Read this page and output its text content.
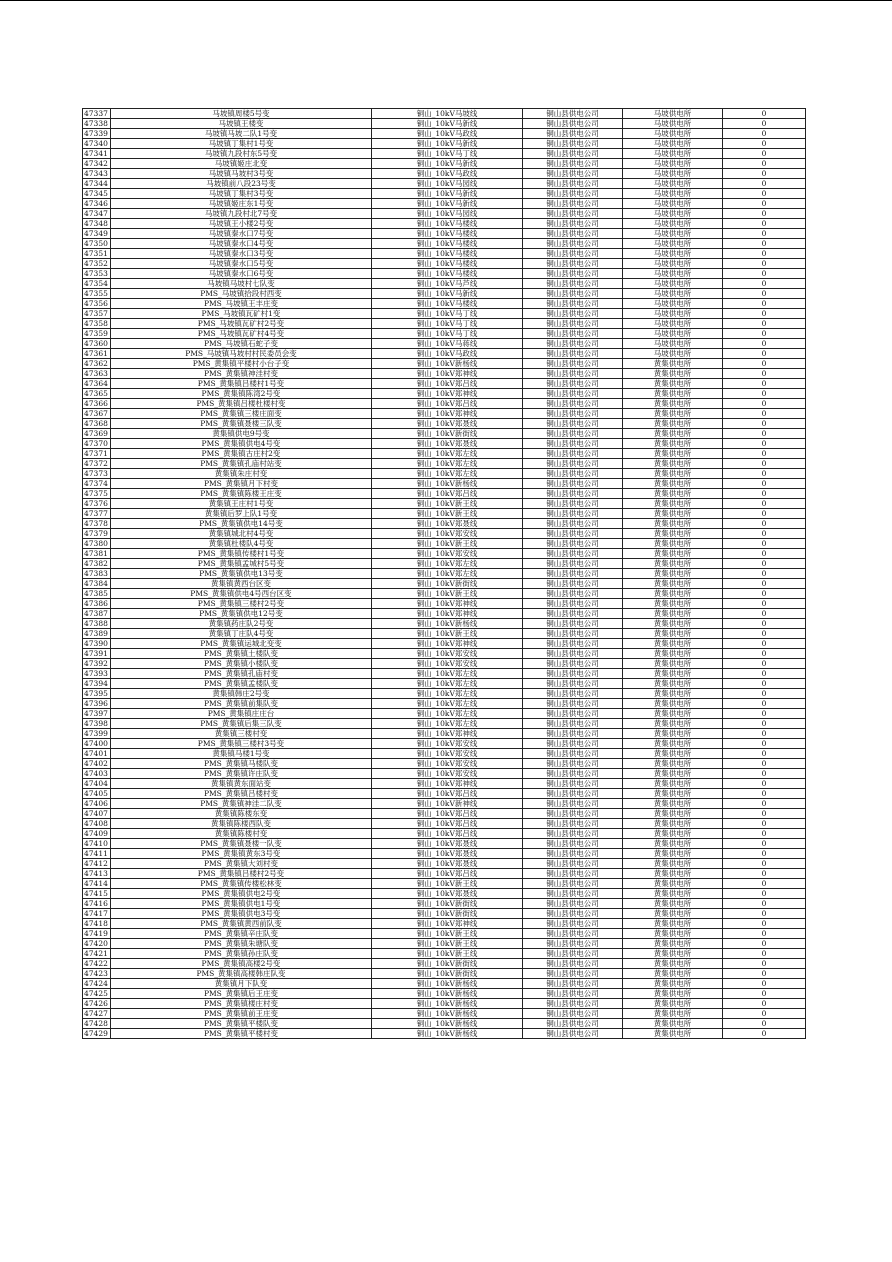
47337	马坡镇周楼5号变	铜山_10kV马坡线	铜山县供电公司	马坡供电所	0
47338	马坡镇王楼变	铜山_10kV马新线	铜山县供电公司	马坡供电所	0
47339	马坡镇马坡二队1号变	铜山_10kV马政线	铜山县供电公司	马坡供电所	0
47340	马坡镇丁集村1号变	铜山_10kV马新线	铜山县供电公司	马坡供电所	0
47341	马坡镇九段村东5号变	铜山_10kV马丁线	铜山县供电公司	马坡供电所	0
47342	马坡镇姬庄北变	铜山_10kV马新线	铜山县供电公司	马坡供电所	0
47343	马坡镇马坡村3号变	铜山_10kV马政线	铜山县供电公司	马坡供电所	0
47344	马坡镇前八段23号变	铜山_10kV马园线	铜山县供电公司	马坡供电所	0
47345	马坡镇丁集村3号变	铜山_10kV马新线	铜山县供电公司	马坡供电所	0
47346	马坡镇姬庄东1号变	铜山_10kV马新线	铜山县供电公司	马坡供电所	0
47347	马坡镇九段村北7号变	铜山_10kV马园线	铜山县供电公司	马坡供电所	0
47348	马坡镇王小楼2号变	铜山_10kV马楼线	铜山县供电公司	马坡供电所	0
47349	马坡镇秦水口7号变	铜山_10kV马楼线	铜山县供电公司	马坡供电所	0
47350	马坡镇秦水口4号变	铜山_10kV马楼线	铜山县供电公司	马坡供电所	0
47351	马坡镇秦水口3号变	铜山_10kV马楼线	铜山县供电公司	马坡供电所	0
47352	马坡镇秦水口5号变	铜山_10kV马楼线	铜山县供电公司	马坡供电所	0
47353	马坡镇秦水口6号变	铜山_10kV马楼线	铜山县供电公司	马坡供电所	0
47354	马坡镇马坡村七队变	铜山_10kV马芦线	铜山县供电公司	马坡供电所	0
47355	PMS_马坡镇拾段村西变	铜山_10kV马新线	铜山县供电公司	马坡供电所	0
47356	PMS_马坡镇王丰庄变	铜山_10kV马楼线	铜山县供电公司	马坡供电所	0
47357	PMS_马坡镇瓦矿村1变	铜山_10kV马丁线	铜山县供电公司	马坡供电所	0
47358	PMS_马坡镇瓦矿村2号变	铜山_10kV马丁线	铜山县供电公司	马坡供电所	0
47359	PMS_马坡镇瓦矿村4号变	铜山_10kV马丁线	铜山县供电公司	马坡供电所	0
47360	PMS_马坡镇石蛇子变	铜山_10kV马蒋线	铜山县供电公司	马坡供电所	0
47361	PMS_马坡镇马坡村村民委员会变	铜山_10kV马政线	铜山县供电公司	马坡供电所	0
47362	PMS_黄集镇平楼村小台子变	铜山_10kV新杨线	铜山县供电公司	黄集供电所	0
47363	PMS_黄集镇神洼村变	铜山_10kV郑神线	铜山县供电公司	黄集供电所	0
47364	PMS_黄集镇吕楼村1号变	铜山_10kV郑吕线	铜山县供电公司	黄集供电所	0
47365	PMS_黄集镇陈湾2号变	铜山_10kV郑神线	铜山县供电公司	黄集供电所	0
47366	PMS_黄集镇吕楼杜楼村变	铜山_10kV郑吕线	铜山县供电公司	黄集供电所	0
47367	PMS_黄集镇三楼庄面变	铜山_10kV郑神线	铜山县供电公司	黄集供电所	0
47368	PMS_黄集镇聂楼三队变	铜山_10kV郑聂线	铜山县供电公司	黄集供电所	0
47369	黄集镇供电9号变	铜山_10kV新街线	铜山县供电公司	黄集供电所	0
47370	PMS_黄集镇供电4号变	铜山_10kV郑聂线	铜山县供电公司	黄集供电所	0
47371	PMS_黄集镇古庄村2变	铜山_10kV郑左线	铜山县供电公司	黄集供电所	0
47372	PMS_黄集镇孔庙村站变	铜山_10kV郑左线	铜山县供电公司	黄集供电所	0
47373	黄集镇朱庄村变	铜山_10kV郑左线	铜山县供电公司	黄集供电所	0
47374	PMS_黄集镇月下村变	铜山_10kV新杨线	铜山县供电公司	黄集供电所	0
47375	PMS_黄集镇陈楼王庄变	铜山_10kV郑吕线	铜山县供电公司	黄集供电所	0
47376	黄集镇王庄村1号变	铜山_10kV新王线	铜山县供电公司	黄集供电所	0
47377	黄集镇后罗上队1号变	铜山_10kV新王线	铜山县供电公司	黄集供电所	0
47378	PMS_黄集镇供电14号变	铜山_10kV郑聂线	铜山县供电公司	黄集供电所	0
47379	黄集镇城北村4号变	铜山_10kV郑安线	铜山县供电公司	黄集供电所	0
47380	黄集镇杜楼队4号变	铜山_10kV新王线	铜山县供电公司	黄集供电所	0
47381	PMS_黄集镇传楼村1号变	铜山_10kV郑安线	铜山县供电公司	黄集供电所	0
47382	PMS_黄集镇孟城村5号变	铜山_10kV郑左线	铜山县供电公司	黄集供电所	0
47383	PMS_黄集镇供电13号变	铜山_10kV郑左线	铜山县供电公司	黄集供电所	0
47384	黄集镇黄西台区变	铜山_10kV新街线	铜山县供电公司	黄集供电所	0
47385	PMS_黄集镇供电4号西台区变	铜山_10kV新王线	铜山县供电公司	黄集供电所	0
47386	PMS_黄集镇三楼村2号变	铜山_10kV郑神线	铜山县供电公司	黄集供电所	0
47387	PMS_黄集镇供电12号变	铜山_10kV郑神线	铜山县供电公司	黄集供电所	0
47388	黄集镇药庄队2号变	铜山_10kV新杨线	铜山县供电公司	黄集供电所	0
47389	黄集镇丁庄队4号变	铜山_10kV新王线	铜山县供电公司	黄集供电所	0
47390	PMS_黄集镇运城北变变	铜山_10kV郑神线	铜山县供电公司	黄集供电所	0
47391	PMS_黄集镇土楼队变	铜山_10kV郑安线	铜山县供电公司	黄集供电所	0
47392	PMS_黄集镇小楼队变	铜山_10kV郑安线	铜山县供电公司	黄集供电所	0
47393	PMS_黄集镇孔庙村变	铜山_10kV郑左线	铜山县供电公司	黄集供电所	0
47394	PMS_黄集镇孟楼队变	铜山_10kV郑左线	铜山县供电公司	黄集供电所	0
47395	黄集镇韩庄2号变	铜山_10kV郑左线	铜山县供电公司	黄集供电所	0
47396	PMS_黄集镇前集队变	铜山_10kV郑左线	铜山县供电公司	黄集供电所	0
47397	PMS_黄集镇庄庄台	铜山_10kV郑左线	铜山县供电公司	黄集供电所	0
47398	PMS_黄集镇后集三队变	铜山_10kV郑左线	铜山县供电公司	黄集供电所	0
47399	黄集镇三楼村变	铜山_10kV郑神线	铜山县供电公司	黄集供电所	0
47400	PMS_黄集镇三楼村3号变	铜山_10kV郑安线	铜山县供电公司	黄集供电所	0
47401	黄集镇马楼1号变	铜山_10kV郑安线	铜山县供电公司	黄集供电所	0
47402	PMS_黄集镇马楼队变	铜山_10kV郑安线	铜山县供电公司	黄集供电所	0
47403	PMS_黄集镇许庄队变	铜山_10kV郑安线	铜山县供电公司	黄集供电所	0
47404	黄集镇黄东面站变	铜山_10kV郑神线	铜山县供电公司	黄集供电所	0
47405	PMS_黄集镇吕楼村变	铜山_10kV郑吕线	铜山县供电公司	黄集供电所	0
47406	PMS_黄集镇神洼二队变	铜山_10kV新神线	铜山县供电公司	黄集供电所	0
47407	黄集镇陈楼东变	铜山_10kV郑吕线	铜山县供电公司	黄集供电所	0
47408	黄集镇陈楼西队变	铜山_10kV郑吕线	铜山县供电公司	黄集供电所	0
47409	黄集镇陈楼村变	铜山_10kV郑吕线	铜山县供电公司	黄集供电所	0
47410	PMS_黄集镇聂楼一队变	铜山_10kV郑聂线	铜山县供电公司	黄集供电所	0
47411	PMS_黄集镇黄东3号变	铜山_10kV郑聂线	铜山县供电公司	黄集供电所	0
47412	PMS_黄集镇大刘村变	铜山_10kV郑聂线	铜山县供电公司	黄集供电所	0
47413	PMS_黄集镇吕楼村2号变	铜山_10kV郑吕线	铜山县供电公司	黄集供电所	0
47414	PMS_黄集镇传楼松林变	铜山_10kV新王线	铜山县供电公司	黄集供电所	0
47415	PMS_黄集镇供电2号变	铜山_10kV郑聂线	铜山县供电公司	黄集供电所	0
47416	PMS_黄集镇供电1号变	铜山_10kV新街线	铜山县供电公司	黄集供电所	0
47417	PMS_黄集镇供电3号变	铜山_10kV新街线	铜山县供电公司	黄集供电所	0
47418	PMS_黄集镇黄西前队变	铜山_10kV郑神线	铜山县供电公司	黄集供电所	0
47419	PMS_黄集镇辛庄队变	铜山_10kV新王线	铜山县供电公司	黄集供电所	0
47420	PMS_黄集镇朱塘队变	铜山_10kV新王线	铜山县供电公司	黄集供电所	0
47421	PMS_黄集镇孙庄队变	铜山_10kV新王线	铜山县供电公司	黄集供电所	0
47422	PMS_黄集镇高楼2号变	铜山_10kV新街线	铜山县供电公司	黄集供电所	0
47423	PMS_黄集镇高楼韩庄队变	铜山_10kV新街线	铜山县供电公司	黄集供电所	0
47424	黄集镇月下队变	铜山_10kV新杨线	铜山县供电公司	黄集供电所	0
47425	PMS_黄集镇后王庄变	铜山_10kV新杨线	铜山县供电公司	黄集供电所	0
47426	PMS_黄集镇楼庄村变	铜山_10kV新杨线	铜山县供电公司	黄集供电所	0
47427	PMS_黄集镇前王庄变	铜山_10kV新杨线	铜山县供电公司	黄集供电所	0
47428	PMS_黄集镇平楼队变	铜山_10kV新杨线	铜山县供电公司	黄集供电所	0
47429	PMS_黄集镇平楼村变	铜山_10kV新杨线	铜山县供电公司	黄集供电所	0
